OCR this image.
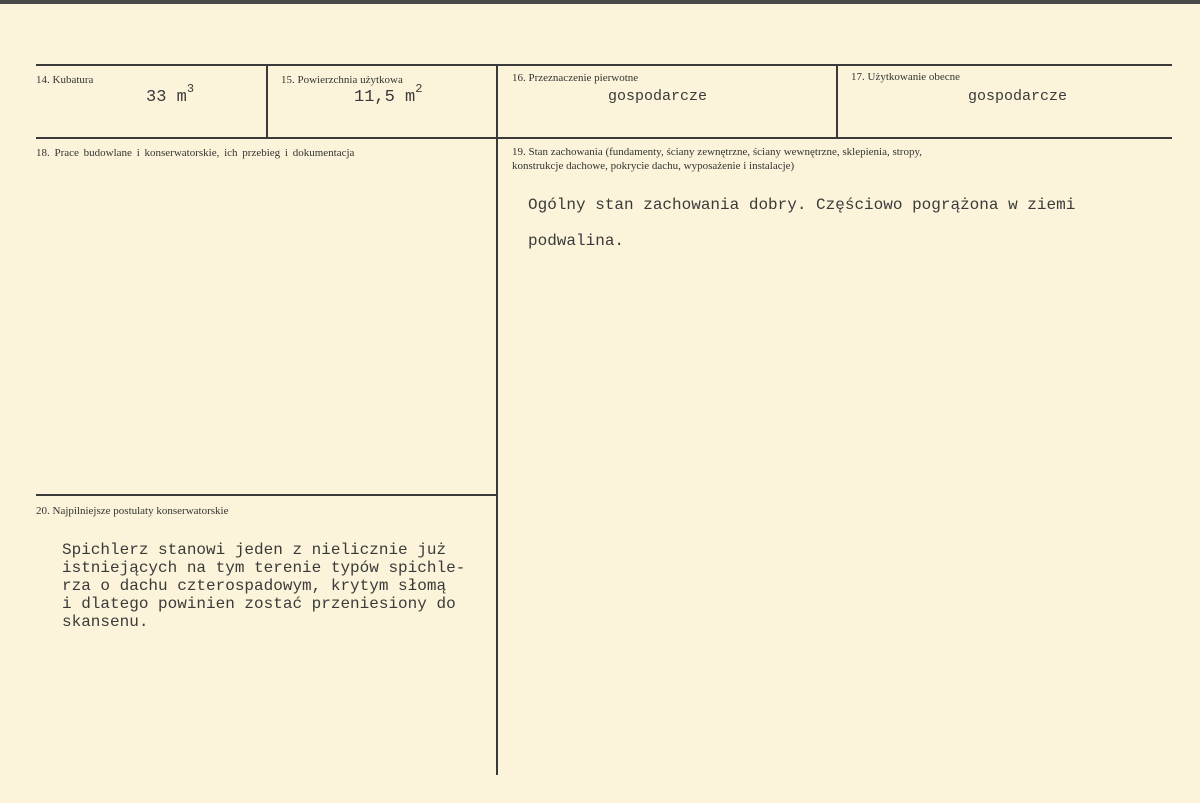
14. Kubatura
33 $m^3$
15. Powierzchnia użytkowa
11,5 $m^2$
16. Przeznaczenie pierwotne
gospodarcze
17. Użytkowanie obecne
gospodarcze
18. Prace budowlane i konserwatorskie, ich przebieg i dokumentacja	19. Stan zachowania (fundamenty, ściany zewnętrzne, ściany wewnętrzne, sklepienia, stropy,
konstrukcje dachowe, pokrycie dachu, wyposażenie i instalacje)
Ogólny stan zachowania dobry. Częściowo pogrążona w ziemi
podwalina.
20. Najpilniejsze postulaty konserwatorskie
Spichlerz stanowi jeden z nielicznie już
istniejących na tym terenie typów spichle-
rza o dachu czterospadowym, krytym słomą
i dlatego powinien zostać przeniesiony do
skansenu.
